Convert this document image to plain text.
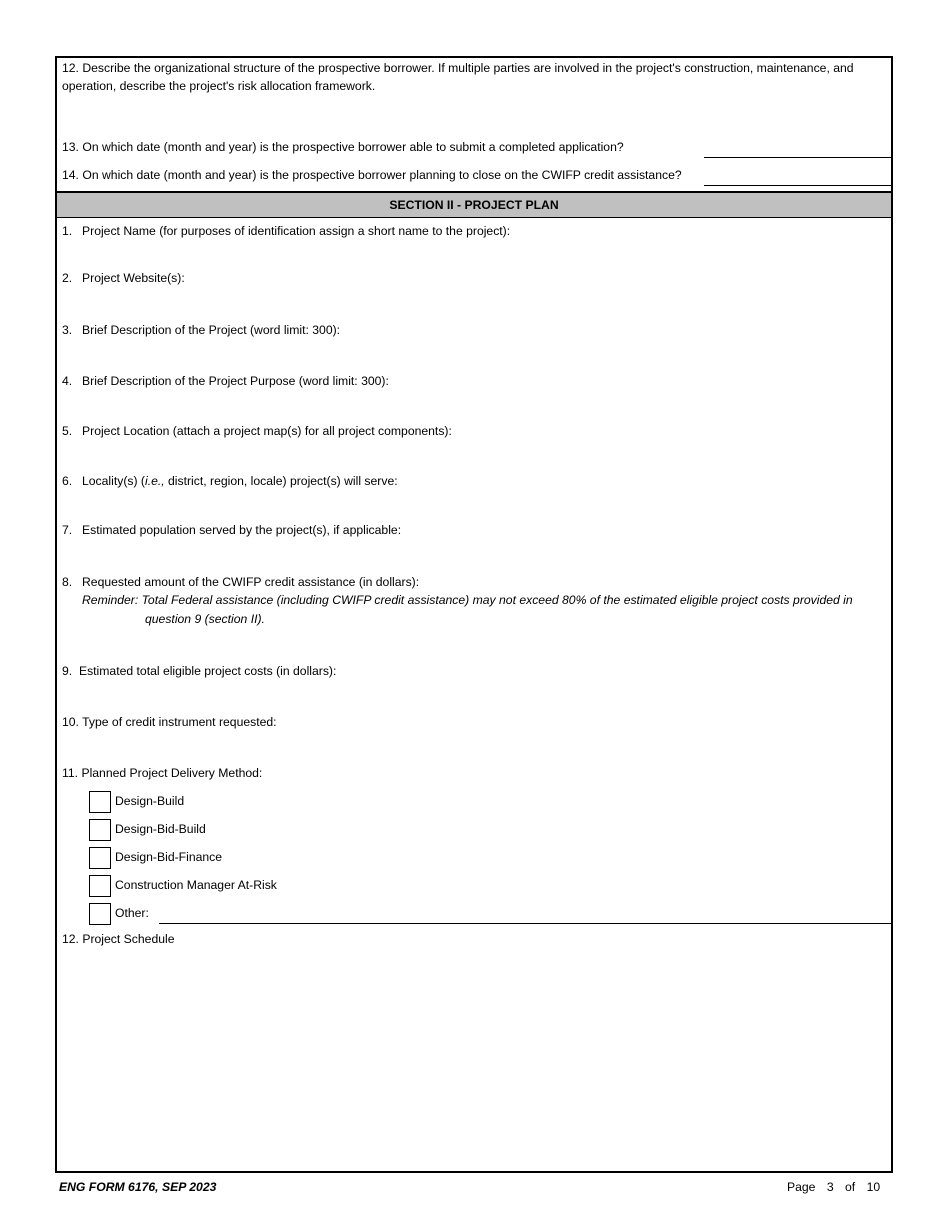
12. Describe the organizational structure of the prospective borrower. If multiple parties are involved in the project's construction, maintenance, and operation, describe the project's risk allocation framework.
13. On which date (month and year) is the prospective borrower able to submit a completed application?
14. On which date (month and year) is the prospective borrower planning to close on the CWIFP credit assistance?
SECTION II - PROJECT PLAN
1. Project Name (for purposes of identification assign a short name to the project):
2. Project Website(s):
3. Brief Description of the Project (word limit: 300):
4. Brief Description of the Project Purpose (word limit: 300):
5. Project Location (attach a project map(s) for all project components):
6. Locality(s) (i.e., district, region, locale) project(s) will serve:
7. Estimated population served by the project(s), if applicable:
8. Requested amount of the CWIFP credit assistance (in dollars):
Reminder: Total Federal assistance (including CWIFP credit assistance) may not exceed 80% of the estimated eligible project costs provided in
question 9 (section II).
9. Estimated total eligible project costs (in dollars):
10. Type of credit instrument requested:
11. Planned Project Delivery Method:
Design-Build
Design-Bid-Build
Design-Bid-Finance
Construction Manager At-Risk
Other:
12. Project Schedule
ENG FORM 6176, SEP 2023	Page 3 of 10
